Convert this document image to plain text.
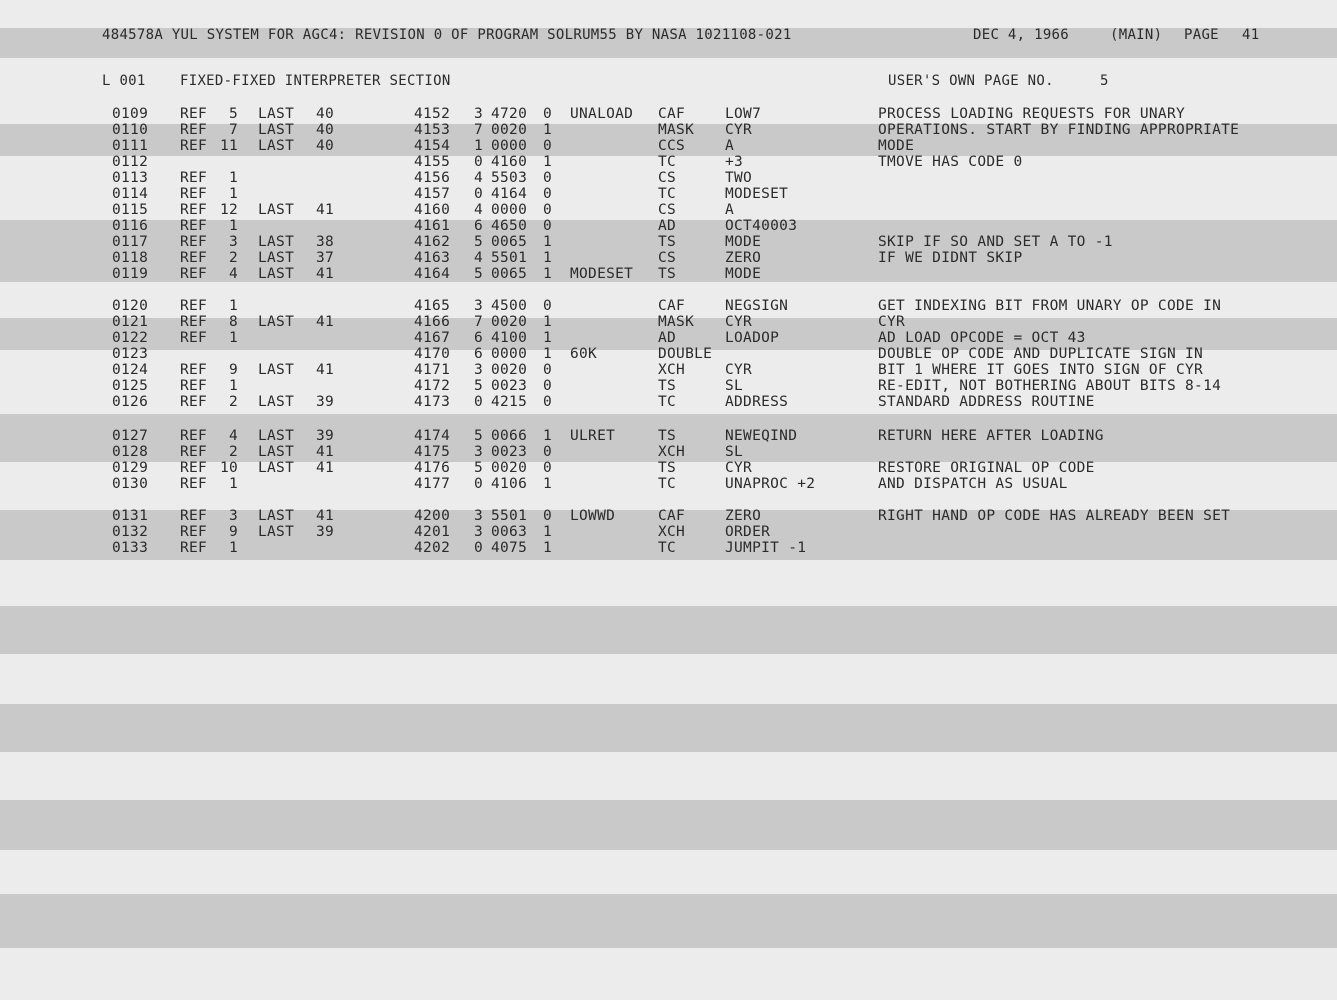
484578A YUL SYSTEM FOR AGC4: REVISION 0 OF PROGRAM SOLRUM55 BY NASA 1021108-021	DEC 4, 1966	(MAIN) PAGE 41
L 001 FIXED-FIXED INTERPRETER SECTION	USER'S OWN PAGE NO.	5
0109 REF	5 LAST 40	4152 3 4720 0 UNALOAD CAF	LOW7	PROCESS LOADING REQUESTS FOR UNARY
0110 REF	7 LAST 40	4153 7 0020 1	MASK CYR	OPERATIONS. START BY FINDING APPROPRIATE
0111 REF 11 LAST 40	4154 1 0000 0	CCS	A	MODE
0112	4155 0 4160 1	TC	+3	TMOVE HAS CODE 0
0113 REF	1	4156 4 5503 0	CS	TWO
0114 REF	1	4157 0 4164 0	TC	MODESET
0115 REF 12 LAST 41	4160 4 0000 0	CS	A
0116 REF	1	4161 6 4650 0	AD	OCT40003
0117 REF	3 LAST 38	4162 5 0065 1	TS	MODE	SKIP IF SO AND SET A TO -1
0118 REF	2 LAST 37	4163 4 5501 1	CS	ZERO	IF WE DIDNT SKIP
0119 REF	4 LAST 41	4164 5 0065 1 MODESET TS	MODE
0120 REF	1	4165 3 4500 0	CAF	NEGSIGN	GET INDEXING BIT FROM UNARY OP CODE IN
0121 REF	8 LAST 41	4166 7 0020 1	MASK CYR	CYR
0122 REF	1	4167 6 4100 1	AD	LOADOP	AD LOAD OPCODE = OCT 43
0123	4170 6 0000 1 60K	DOUBLE	DOUBLE OP CODE AND DUPLICATE SIGN IN
0124 REF	9 LAST 41	4171 3 0020 0	XCH	CYR	BIT 1 WHERE IT GOES INTO SIGN OF CYR
0125 REF	1	4172 5 0023 0	TS	SL	RE-EDIT, NOT BOTHERING ABOUT BITS 8-14
0126 REF	2 LAST 39	4173 0 4215 0	TC	ADDRESS	STANDARD ADDRESS ROUTINE
0127 REF	4 LAST 39	4174 5 0066 1 ULRET	TS	NEWEQIND	RETURN HERE AFTER LOADING
0128 REF	2 LAST 41	4175 3 0023 0	XCH	SL
0129 REF 10 LAST 41	4176 5 0020 0	TS	CYR	RESTORE ORIGINAL OP CODE
0130 REF	1	4177 0 4106 1	TC	UNAPROC +2	AND DISPATCH AS USUAL
0131 REF	3 LAST 41	4200 3 5501 0 LOWWD	CAF	ZERO	RIGHT HAND OP CODE HAS ALREADY BEEN SET
0132 REF	9 LAST 39	4201 3 0063 1	XCH	ORDER
0133 REF	1	4202 0 4075 1	TC	JUMPIT -1
